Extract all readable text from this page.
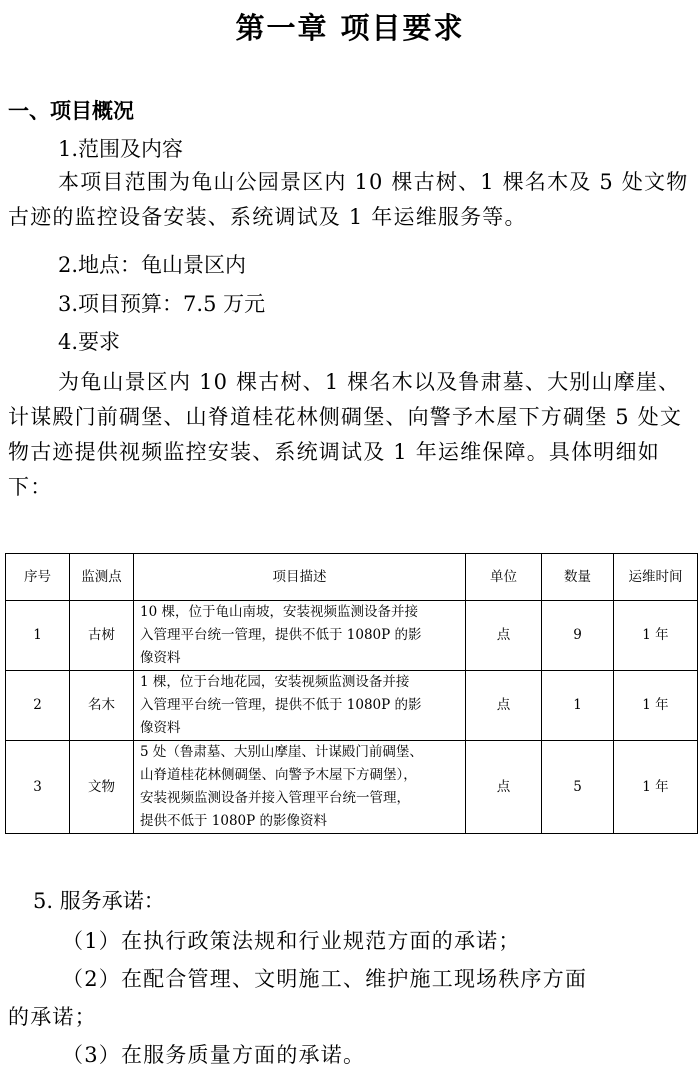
第一章 项目要求
一、项目概况
1.范围及内容
本项目范围为龟山公园景区内 10 棵古树、1 棵名木及 5 处文物古迹的监控设备安装、系统调试及 1 年运维服务等。
2.地点：龟山景区内
3.项目预算：7.5 万元
4.要求
为龟山景区内 10 棵古树、1 棵名木以及鲁肃墓、大别山摩崖、计谋殿门前碉堡、山脊道桂花林侧碉堡、向警予木屋下方碉堡 5 处文物古迹提供视频监控安装、系统调试及 1 年运维保障。具体明细如下：
序号	监测点	项目描述	单位	数量	运维时间
1	古树	10 棵，位于龟山南坡，安装视频监测设备并接
入管理平台统一管理，提供不低于 1080P 的影
像资料	点	9	1 年
2	名木	1 棵，位于台地花园，安装视频监测设备并接
入管理平台统一管理，提供不低于 1080P 的影
像资料	点	1	1 年
3	文物	5 处（鲁肃墓、大别山摩崖、计谋殿门前碉堡、
山脊道桂花林侧碉堡、向警予木屋下方碉堡），
安装视频监测设备并接入管理平台统一管理，
提供不低于 1080P 的影像资料	点	5	1 年
5. 服务承诺：
（1）在执行政策法规和行业规范方面的承诺；
（2）在配合管理、文明施工、维护施工现场秩序方面
的承诺；
（3）在服务质量方面的承诺。
